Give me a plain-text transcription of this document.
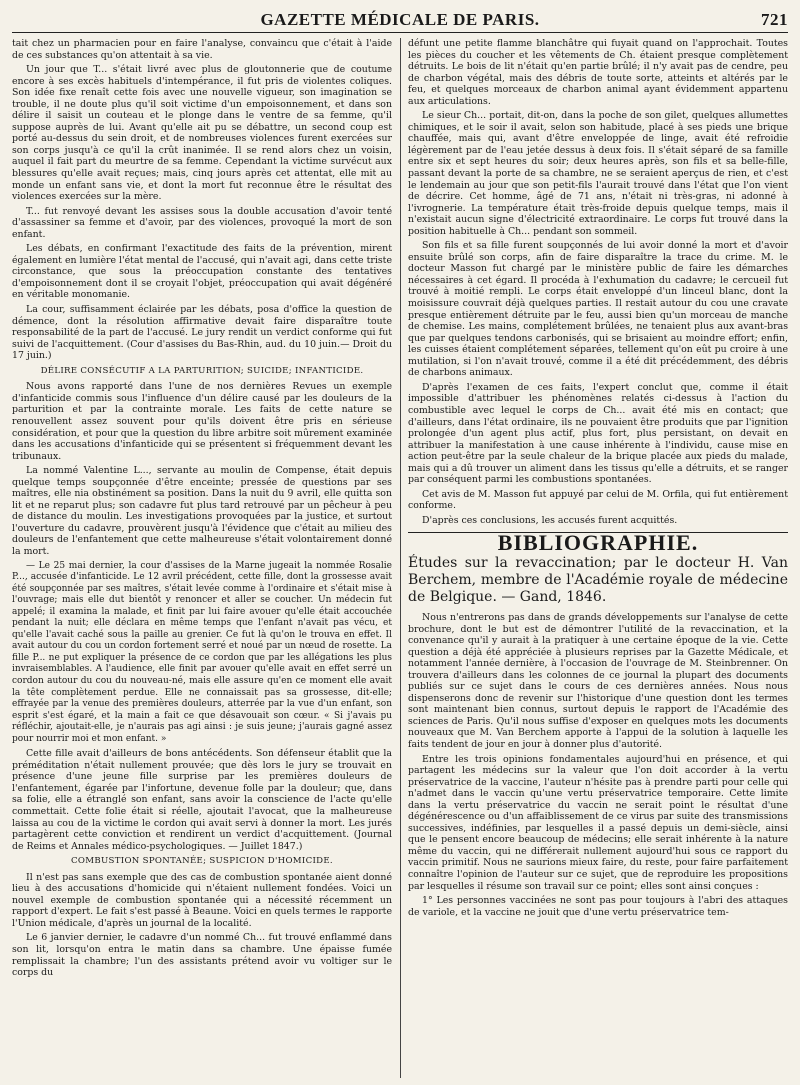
GAZETTE MÉDICALE DE PARIS.	721

tait chez un pharmacien pour en faire l'analyse, convaincu que c'était à l'aide de ces substances qu'on attentait à sa vie.

Un jour que T... s'était livré avec plus de gloutonnerie que de coutume encore à ses excès habituels d'intempérance, il fut pris de violentes coliques. Son idée fixe renaît cette fois avec une nouvelle vigueur, son imagination se trouble, il ne doute plus qu'il soit victime d'un empoisonnement, et dans son délire il saisit un couteau et le plonge dans le ventre de sa femme, qu'il suppose auprès de lui. Avant qu'elle ait pu se débattre, un second coup est porté au-dessus du sein droit, et de nombreuses violences furent exercées sur son corps jusqu'à ce qu'il la crût inanimée. Il se rend alors chez un voisin, auquel il fait part du meurtre de sa femme. Cependant la victime survécut aux blessures qu'elle avait reçues; mais, cinq jours après cet attentat, elle mit au monde un enfant sans vie, et dont la mort fut reconnue être le résultat des violences exercées sur la mère.

T... fut renvoyé devant les assises sous la double accusation d'avoir tenté d'assassiner sa femme et d'avoir, par des violences, provoqué la mort de son enfant.

Les débats, en confirmant l'exactitude des faits de la prévention, mirent également en lumière l'état mental de l'accusé, qui n'avait agi, dans cette triste circonstance, que sous la préoccupation constante des tentatives d'empoisonnement dont il se croyait l'objet, préoccupation qui avait dégénéré en véritable monomanie.

La cour, suffisamment éclairée par les débats, posa d'office la question de démence, dont la résolution affirmative devait faire disparaître toute responsabilité de la part de l'accusé. Le jury rendit un verdict conforme qui fut suivi de l'acquittement. (Cour d'assises du Bas-Rhin, aud. du 10 juin.— Droit du 17 juin.)

DÉLIRE CONSÉCUTIF A LA PARTURITION; SUICIDE; INFANTICIDE.

Nous avons rapporté dans l'une de nos dernières Revues un exemple d'infanticide commis sous l'influence d'un délire causé par les douleurs de la parturition et par la contrainte morale. Les faits de cette nature se renouvellent assez souvent pour qu'ils doivent être pris en sérieuse considération, et pour que la question du libre arbitre soit mûrement examinée dans les accusations d'infanticide qui se présentent si fréquemment devant les tribunaux.

La nommé Valentine L..., servante au moulin de Compense, était depuis quelque temps soupçonnée d'être enceinte; pressée de questions par ses maîtres, elle nia obstinément sa position. Dans la nuit du 9 avril, elle quitta son lit et ne reparut plus; son cadavre fut plus tard retrouvé par un pêcheur à peu de distance du moulin. Les investigations provoquées par la justice, et surtout l'ouverture du cadavre, prouvèrent jusqu'à l'évidence que c'était au milieu des douleurs de l'enfantement que cette malheureuse s'était volontairement donné la mort.

— Le 25 mai dernier, la cour d'assises de la Marne jugeait la nommée Rosalie P..., accusée d'infanticide. Le 12 avril précédent, cette fille, dont la grossesse avait été soupçonnée par ses maîtres, s'était levée comme à l'ordinaire et s'était mise à l'ouvrage; mais elle dut bientôt y renoncer et aller se coucher. Un médecin fut appelé; il examina la malade, et finit par lui faire avouer qu'elle était accouchée pendant la nuit; elle déclara en même temps que l'enfant n'avait pas vécu, et qu'elle l'avait caché sous la paille au grenier. Ce fut là qu'on le trouva en effet. Il avait autour du cou un cordon fortement serré et noué par un nœud de rosette. La fille P... ne put expliquer la présence de ce cordon que par les allégations les plus invraisemblables. A l'audience, elle finit par avouer qu'elle avait en effet serré un cordon autour du cou du nouveau-né, mais elle assure qu'en ce moment elle avait la tête complètement perdue. Elle ne connaissait pas sa grossesse, dit-elle; effrayée par la venue des premières douleurs, atterrée par la vue d'un enfant, son esprit s'est égaré, et la main a fait ce que désavouait son cœur. « Si j'avais pu réfléchir, ajoutait-elle, je n'aurais pas agi ainsi : je suis jeune; j'aurais gagné assez pour nourrir moi et mon enfant. »

Cette fille avait d'ailleurs de bons antécédents. Son défenseur établit que la préméditation n'était nullement prouvée; que dès lors le jury se trouvait en présence d'une jeune fille surprise par les premières douleurs de l'enfantement, égarée par l'infortune, devenue folle par la douleur; que, dans sa folie, elle a étranglé son enfant, sans avoir la conscience de l'acte qu'elle commettait. Cette folie était si réelle, ajoutait l'avocat, que la malheureuse laissa au cou de la victime le cordon qui avait servi à donner la mort. Les jurés partagèrent cette conviction et rendirent un verdict d'acquittement. (Journal de Reims et Annales médico-psychologiques. — Juillet 1847.)

COMBUSTION SPONTANÉE; SUSPICION D'HOMICIDE.

Il n'est pas sans exemple que des cas de combustion spontanée aient donné lieu à des accusations d'homicide qui n'étaient nullement fondées. Voici un nouvel exemple de combustion spontanée qui a nécessité récemment un rapport d'expert. Le fait s'est passé à Beaune. Voici en quels termes le rapporte l'Union médicale, d'après un journal de la localité.

Le 6 janvier dernier, le cadavre d'un nommé Ch... fut trouvé enflammé dans son lit, lorsqu'on entra le matin dans sa chambre. Une épaisse fumée remplissait la chambre; l'un des assistants prétend avoir vu voltiger sur le corps du

défunt une petite flamme blanchâtre qui fuyait quand on l'approchait. Toutes les pièces du coucher et les vêtements de Ch. étaient presque complètement détruits. Le bois de lit n'était qu'en partie brûlé; il n'y avait pas de cendre, peu de charbon végétal, mais des débris de toute sorte, atteints et altérés par le feu, et quelques morceaux de charbon animal ayant évidemment appartenu aux articulations.

Le sieur Ch... portait, dit-on, dans la poche de son gilet, quelques allumettes chimiques, et le soir il avait, selon son habitude, placé à ses pieds une brique chauffée, mais qui, avant d'être enveloppée de linge, avait été refroidie légèrement par de l'eau jetée dessus à deux fois. Il s'était séparé de sa famille entre six et sept heures du soir; deux heures après, son fils et sa belle-fille, passant devant la porte de sa chambre, ne se seraient aperçus de rien, et c'est le lendemain au jour que son petit-fils l'aurait trouvé dans l'état que l'on vient de décrire. Cet homme, âgé de 71 ans, n'était ni très-gras, ni adonné à l'ivrognerie. La température était très-froide depuis quelque temps, mais il n'existait aucun signe d'électricité extraordinaire. Le corps fut trouvé dans la position habituelle à Ch... pendant son sommeil.

Son fils et sa fille furent soupçonnés de lui avoir donné la mort et d'avoir ensuite brûlé son corps, afin de faire disparaître la trace du crime. M. le docteur Masson fut chargé par le ministère public de faire les démarches nécessaires à cet égard. Il procéda à l'exhumation du cadavre; le cercueil fut trouvé à moitié rempli. Le corps était enveloppé d'un linceul blanc, dont la moisissure couvrait déjà quelques parties. Il restait autour du cou une cravate presque entièrement détruite par le feu, aussi bien qu'un morceau de manche de chemise. Les mains, complétement brûlées, ne tenaient plus aux avant-bras que par quelques tendons carbonisés, qui se brisaient au moindre effort; enfin, les cuisses étaient complétement séparées, tellement qu'on eût pu croire à une mutilation, si l'on n'avait trouvé, comme il a été dit précédemment, des débris de charbons animaux.

D'après l'examen de ces faits, l'expert conclut que, comme il était impossible d'attribuer les phénomènes relatés ci-dessus à l'action du combustible avec lequel le corps de Ch... avait été mis en contact; que d'ailleurs, dans l'état ordinaire, ils ne pouvaient être produits que par l'ignition prolongée d'un agent plus actif, plus fort, plus persistant, on devait en attribuer la manifestation à une cause inhérente à l'individu, cause mise en action peut-être par la seule chaleur de la brique placée aux pieds du malade, mais qui a dû trouver un aliment dans les tissus qu'elle a détruits, et se ranger par conséquent parmi les combustions spontanées.

Cet avis de M. Masson fut appuyé par celui de M. Orfila, qui fut entièrement conforme.

D'après ces conclusions, les accusés furent acquittés.

BIBLIOGRAPHIE.

Études sur la revaccination; par le docteur H. Van Berchem, membre de l'Académie royale de médecine de Belgique. — Gand, 1846.

Nous n'entrerons pas dans de grands développements sur l'analyse de cette brochure, dont le but est de démontrer l'utilité de la revaccination, et la convenance qu'il y aurait à la pratiquer à une certaine époque de la vie. Cette question a déjà été appréciée à plusieurs reprises par la Gazette Médicale, et notamment l'année dernière, à l'occasion de l'ouvrage de M. Steinbrenner. On trouvera d'ailleurs dans les colonnes de ce journal la plupart des documents publiés sur ce sujet dans le cours de ces dernières années. Nous nous dispenserons donc de revenir sur l'historique d'une question dont les termes sont maintenant bien connus, surtout depuis le rapport de l'Académie des sciences de Paris. Qu'il nous suffise d'exposer en quelques mots les documents nouveaux que M. Van Berchem apporte à l'appui de la solution à laquelle les faits tendent de jour en jour à donner plus d'autorité.

Entre les trois opinions fondamentales aujourd'hui en présence, et qui partagent les médecins sur la valeur que l'on doit accorder à la vertu préservatrice de la vaccine, l'auteur n'hésite pas à prendre parti pour celle qui n'admet dans le vaccin qu'une vertu préservatrice temporaire. Cette limite dans la vertu préservatrice du vaccin ne serait point le résultat d'une dégénérescence ou d'un affaiblissement de ce virus par suite des transmissions successives, indéfinies, par lesquelles il a passé depuis un demi-siècle, ainsi que le pensent encore beaucoup de médecins; elle serait inhérente à la nature même du vaccin, qui ne différerait nullement aujourd'hui sous ce rapport du vaccin primitif. Nous ne saurions mieux faire, du reste, pour faire parfaitement connaître l'opinion de l'auteur sur ce sujet, que de reproduire les propositions par lesquelles il résume son travail sur ce point; elles sont ainsi conçues :

1° Les personnes vaccinées ne sont pas pour toujours à l'abri des attaques de variole, et la vaccine ne jouit que d'une vertu préservatrice tem-
